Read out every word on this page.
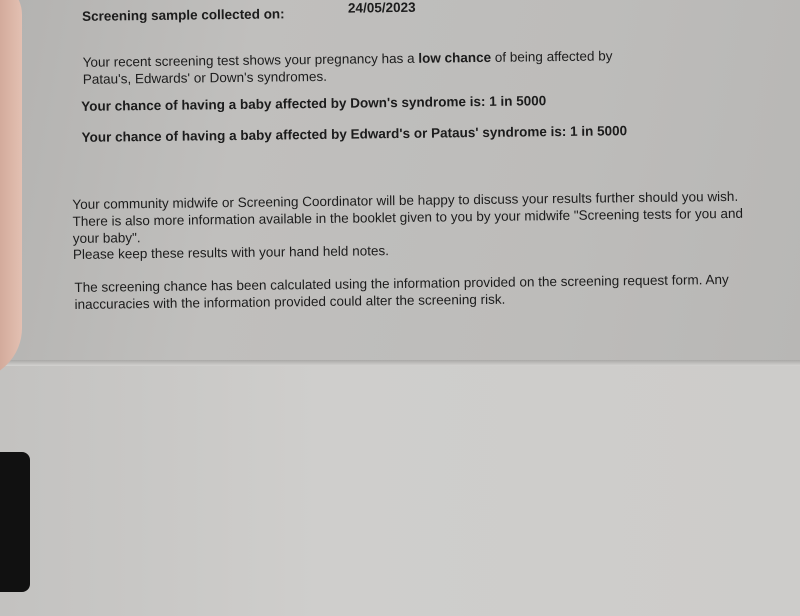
Screening sample collected on:	24/05/2023
Your recent screening test shows your pregnancy has a low chance of being affected by
Patau's, Edwards' or Down's syndromes.
Your chance of having a baby affected by Down's syndrome is: 1 in 5000
Your chance of having a baby affected by Edward's or Pataus' syndrome is: 1 in 5000
Your community midwife or Screening Coordinator will be happy to discuss your results further should you wish.
There is also more information available in the booklet given to you by your midwife "Screening tests for you and
your baby".
Please keep these results with your hand held notes.
The screening chance has been calculated using the information provided on the screening request form. Any
inaccuracies with the information provided could alter the screening risk.
